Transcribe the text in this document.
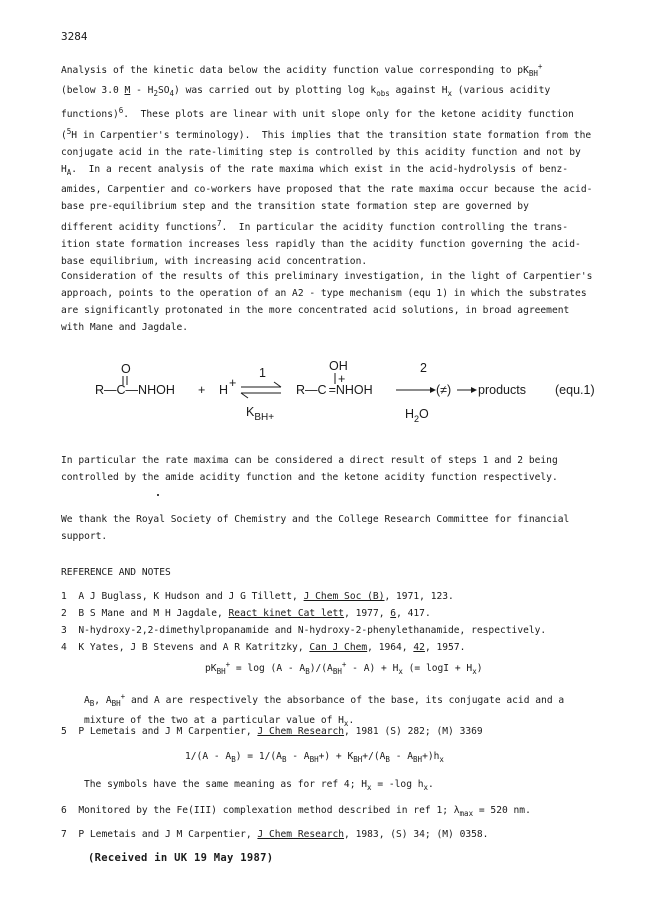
3284

Analysis of the kinetic data below the acidity function value corresponding to $pK_{BH}^+$

(below 3.0 M - $H_2SO_4$) was carried out by plotting $\log k_{obs}$ against $H_x$ (various acidity

functions)$^6$.  These plots are linear with unit slope only for the ketone acidity function

($^5$H in Carpentier's terminology).  This implies that the transition state formation from the

conjugate acid in the rate-limiting step is controlled by this acidity function and not by

$H_A$.  In a recent analysis of the rate maxima which exist in the acid-hydrolysis of benz-

amides, Carpentier and co-workers have proposed that the rate maxima occur because the acid-

base pre-equilibrium step and the transition state formation step are governed by

different acidity functions$^7$.  In particular the acidity function controlling the trans-

ition state formation increases less rapidly than the acidity function governing the acid-

base equilibrium, with increasing acid concentration.

Consideration of the results of this preliminary investigation, in the light of Carpentier's

approach, points to the operation of an A2 - type mechanism (equ 1) in which the substrates

are significantly protonated in the more concentrated acid solutions, in broad agreement

with Mane and Jagdale.

O
R—C—NHOH + H +
1
$K_{BH+}$
OH
+
R—C =NHOH
2
(≠) products
$H_2O$
(equ.1)

In particular the rate maxima can be considered a direct result of steps 1 and 2 being

controlled by the amide acidity function and the ketone acidity function respectively.

We thank the Royal Society of Chemistry and the College Research Committee for financial

support.

REFERENCE AND NOTES
1 A J Buglass, K Hudson and J G Tillett, J Chem Soc (B), 1971, 123.
2 B S Mane and M H Jagdale, React kinet Cat lett, 1977, 6, 417.
3 N-hydroxy-2,2-dimethylpropanamide and N-hydroxy-2-phenylethanamide, respectively.
4 K Yates, J B Stevens and A R Katritzky, Can J Chem, 1964, 42, 1957.
$pK_{BH}^+ = \log (A - A_B)/(A_{BH}^+ - A) + H_x$ (= $\log I + H_x$)
$A_B$, $A_{BH}^+$ and A are respectively the absorbance of the base, its conjugate acid and a
mixture of the two at a particular value of $H_x$.
5 P Lemetais and J M Carpentier, J Chem Research, 1981 (S) 282; (M) 3369
$1/(A - A_B) = 1/(A_B - A_{BH}+) + K_{BH}+/(A_B - A_{BH}+)h_x$
The symbols have the same meaning as for ref 4; $H_x = -\log$ $h_x$.
6  Monitored by the Fe(III) complexation method described in ref 1; $\lambda_{max} = 520$ nm.
7 P Lemetais and J M Carpentier, J Chem Research, 1983, (S) 34; (M) 0358.
(Received in UK 19 May 1987)
